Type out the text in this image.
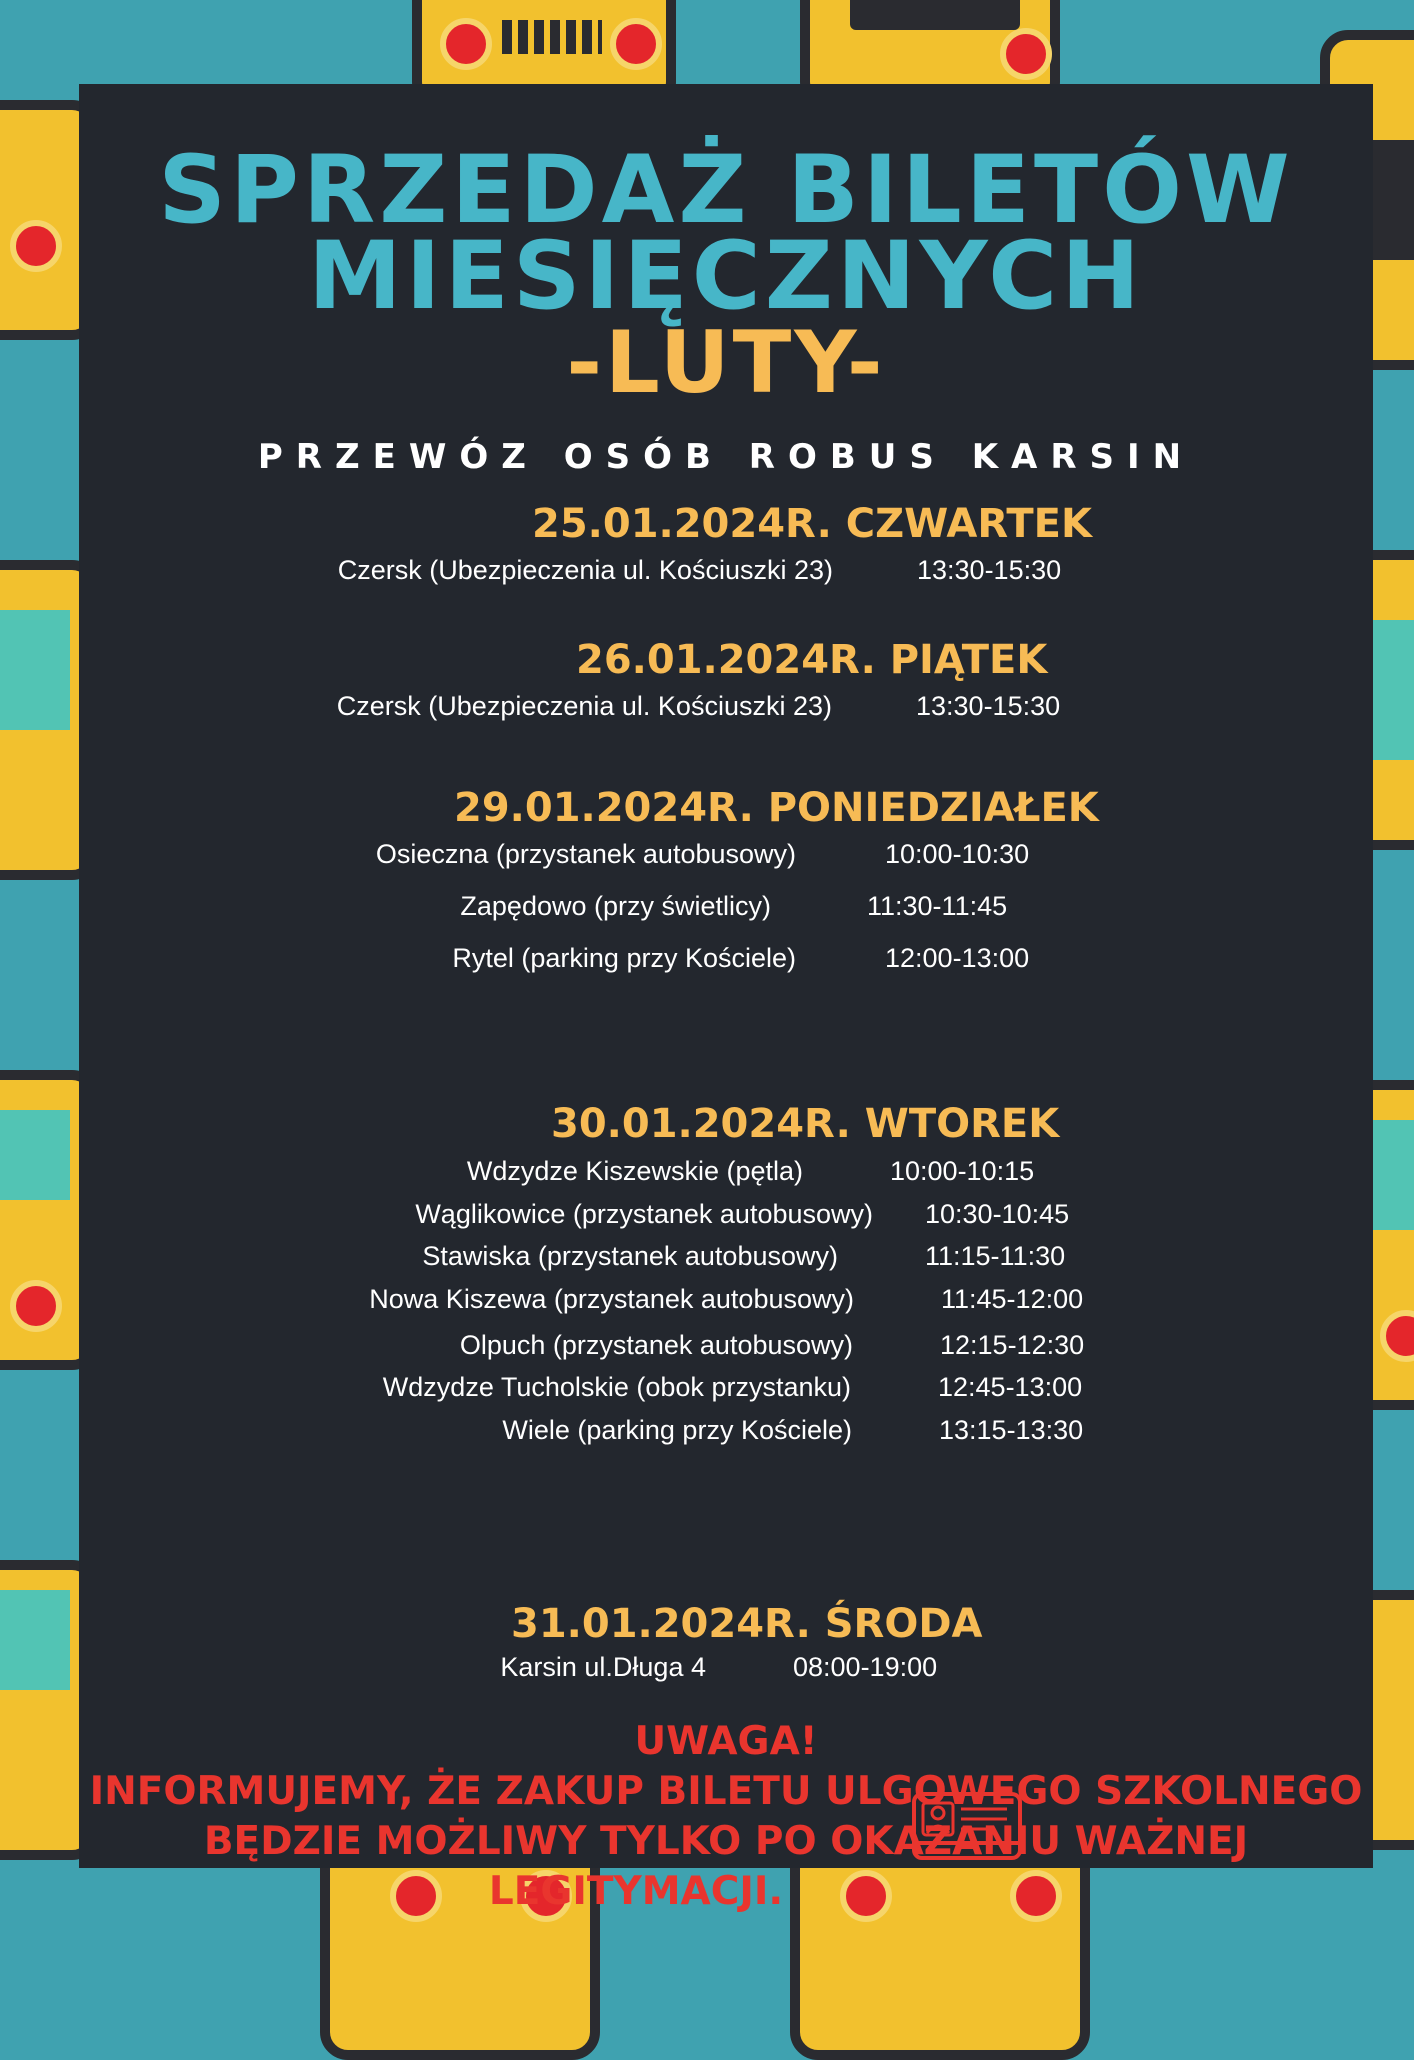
SPRZEDAŻ BILETÓW
MIESIĘCZNYCH
-LUTY-
PRZEWÓZ OSÓB ROBUS KARSIN
25.01.2024R. CZWARTEK
Czersk (Ubezpieczenia ul. Kościuszki 23)	13:30-15:30
26.01.2024R. PIĄTEK
Czersk (Ubezpieczenia ul. Kościuszki 23)	13:30-15:30
29.01.2024R. PONIEDZIAŁEK
Osieczna (przystanek autobusowy)	10:00-10:30
Zapędowo (przy świetlicy)	11:30-11:45
Rytel (parking przy Kościele)	12:00-13:00
30.01.2024R. WTOREK
Wdzydze Kiszewskie (pętla)	10:00-10:15
Wąglikowice (przystanek autobusowy) 10:30-10:45
Stawiska (przystanek autobusowy)	11:15-11:30
Nowa Kiszewa (przystanek autobusowy)	11:45-12:00
Olpuch (przystanek autobusowy)	12:15-12:30
Wdzydze Tucholskie (obok przystanku)	12:45-13:00
Wiele (parking przy Kościele)	13:15-13:30
31.01.2024R. ŚRODA
Karsin ul.Długa 4	08:00-19:00
UWAGA!
INFORMUJEMY, ŻE ZAKUP BILETU ULGOWEGO SZKOLNEGO
BĘDZIE MOŻLIWY TYLKO PO OKAZANIU WAŻNEJ
LEGITYMACJI.
